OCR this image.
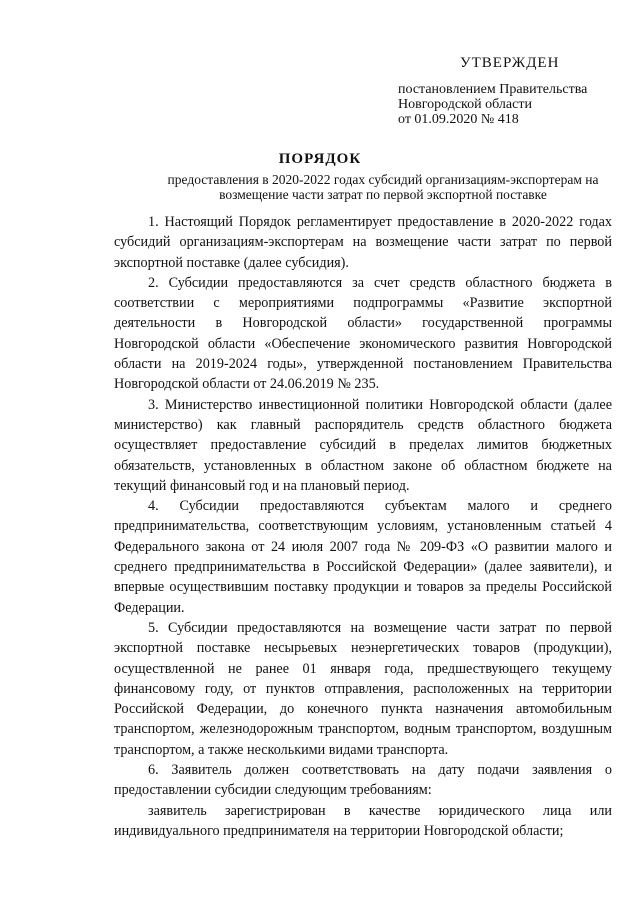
УТВЕРЖДЕН
постановлением Правительства
Новгородской области
от 01.09.2020 № 418
ПОРЯДОК
предоставления в 2020-2022 годах субсидий организациям-экспортерам на возмещение части затрат по первой экспортной поставке

1. Настоящий Порядок регламентирует предоставление в 2020-2022 годах субсидий организациям-экспортерам на возмещение части затрат по первой экспортной поставке (далее субсидия).

2. Субсидии предоставляются за счет средств областного бюджета в соответствии с мероприятиями подпрограммы «Развитие экспортной деятельности в Новгородской области» государственной программы Новгородской области «Обеспечение экономического развития Новгородской области на 2019-2024 годы», утвержденной постановлением Правительства Новгородской области от 24.06.2019 № 235.

3. Министерство инвестиционной политики Новгородской области (далее министерство) как главный распорядитель средств областного бюджета осуществляет предоставление субсидий в пределах лимитов бюджетных обязательств, установленных в областном законе об областном бюджете на текущий финансовый год и на плановый период.

4. Субсидии предоставляются субъектам малого и среднего предпринимательства, соответствующим условиям, установленным статьей 4 Федерального закона от 24 июля 2007 года № 209-ФЗ «О развитии малого и среднего предпринимательства в Российской Федерации» (далее заявители), и впервые осуществившим поставку продукции и товаров за пределы Российской Федерации.

5. Субсидии предоставляются на возмещение части затрат по первой экспортной поставке несырьевых неэнергетических товаров (продукции), осуществленной не ранее 01 января года, предшествующего текущему финансовому году, от пунктов отправления, расположенных на территории Российской Федерации, до конечного пункта назначения автомобильным транспортом, железнодорожным транспортом, водным транспортом, воздушным транспортом, а также несколькими видами транспорта.

6. Заявитель должен соответствовать на дату подачи заявления о предоставлении субсидии следующим требованиям:

заявитель зарегистрирован в качестве юридического лица или индивидуального предпринимателя на территории Новгородской области;
